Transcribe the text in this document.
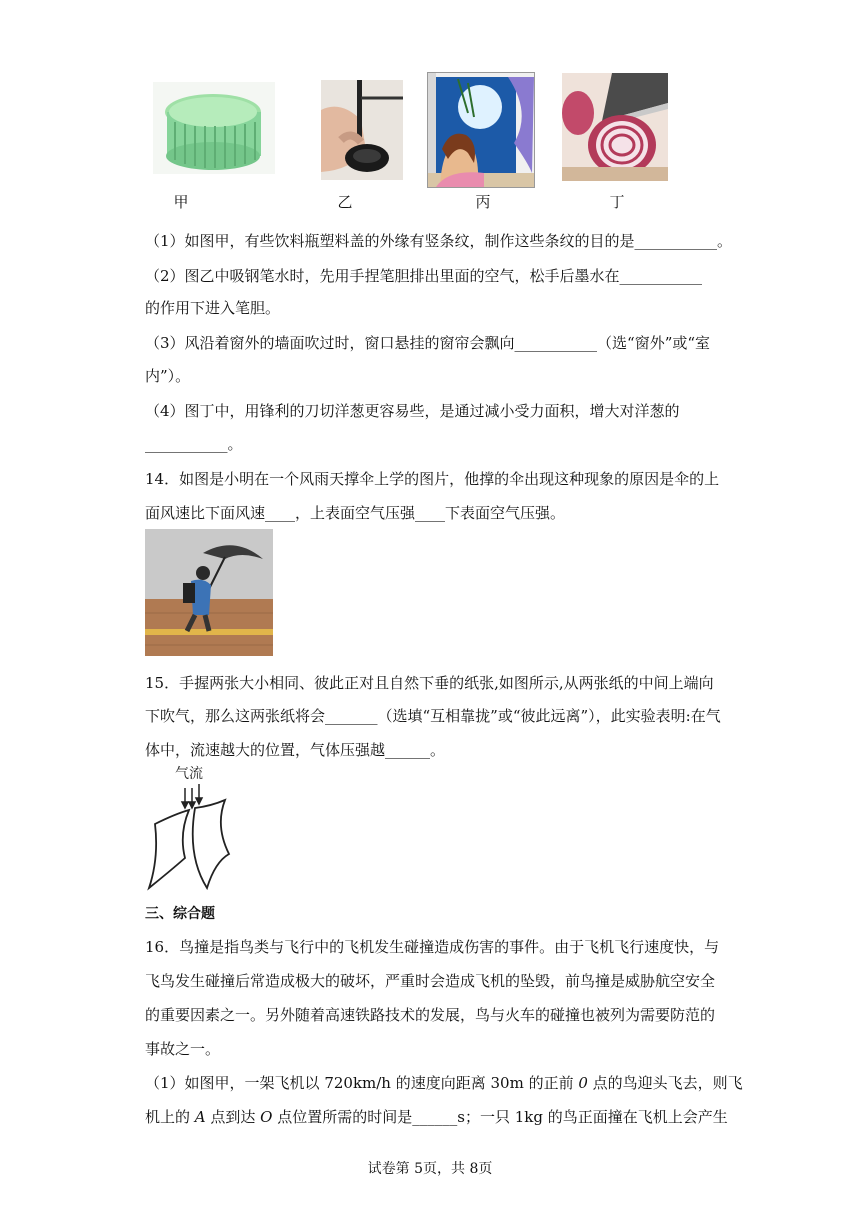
甲	乙	丙	丁
（1）如图甲，有些饮料瓶塑料盖的外缘有竖条纹，制作这些条纹的目的是___________。
（2）图乙中吸钢笔水时，先用手捏笔胆排出里面的空气，松手后墨水在___________
的作用下进入笔胆。
（3）风沿着窗外的墙面吹过时，窗口悬挂的窗帘会飘向___________（选“窗外”或“室
内”）。
（4）图丁中，用锋利的刀切洋葱更容易些，是通过减小受力面积，增大对洋葱的
___________。
14．如图是小明在一个风雨天撑伞上学的图片，他撑的伞出现这种现象的原因是伞的上
面风速比下面风速____，上表面空气压强____下表面空气压强。
15．手握两张大小相同、彼此正对且自然下垂的纸张,如图所示,从两张纸的中间上端向
下吹气，那么这两张纸将会_______（选填“互相靠拢”或“彼此远离”），此实验表明:在气
体中，流速越大的位置，气体压强越______。
气流
三、综合题
16．鸟撞是指鸟类与飞行中的飞机发生碰撞造成伤害的事件。由于飞机飞行速度快，与
飞鸟发生碰撞后常造成极大的破坏，严重时会造成飞机的坠毁，前鸟撞是威胁航空安全
的重要因素之一。另外随着高速铁路技术的发展，鸟与火车的碰撞也被列为需要防范的
事故之一。
（1）如图甲，一架飞机以 720km/h 的速度向距离 30m 的正前 0 点的鸟迎头飞去，则飞
机上的 A 点到达 O 点位置所需的时间是______s；一只 1kg 的鸟正面撞在飞机上会产生
试卷第 5页，共 8页
